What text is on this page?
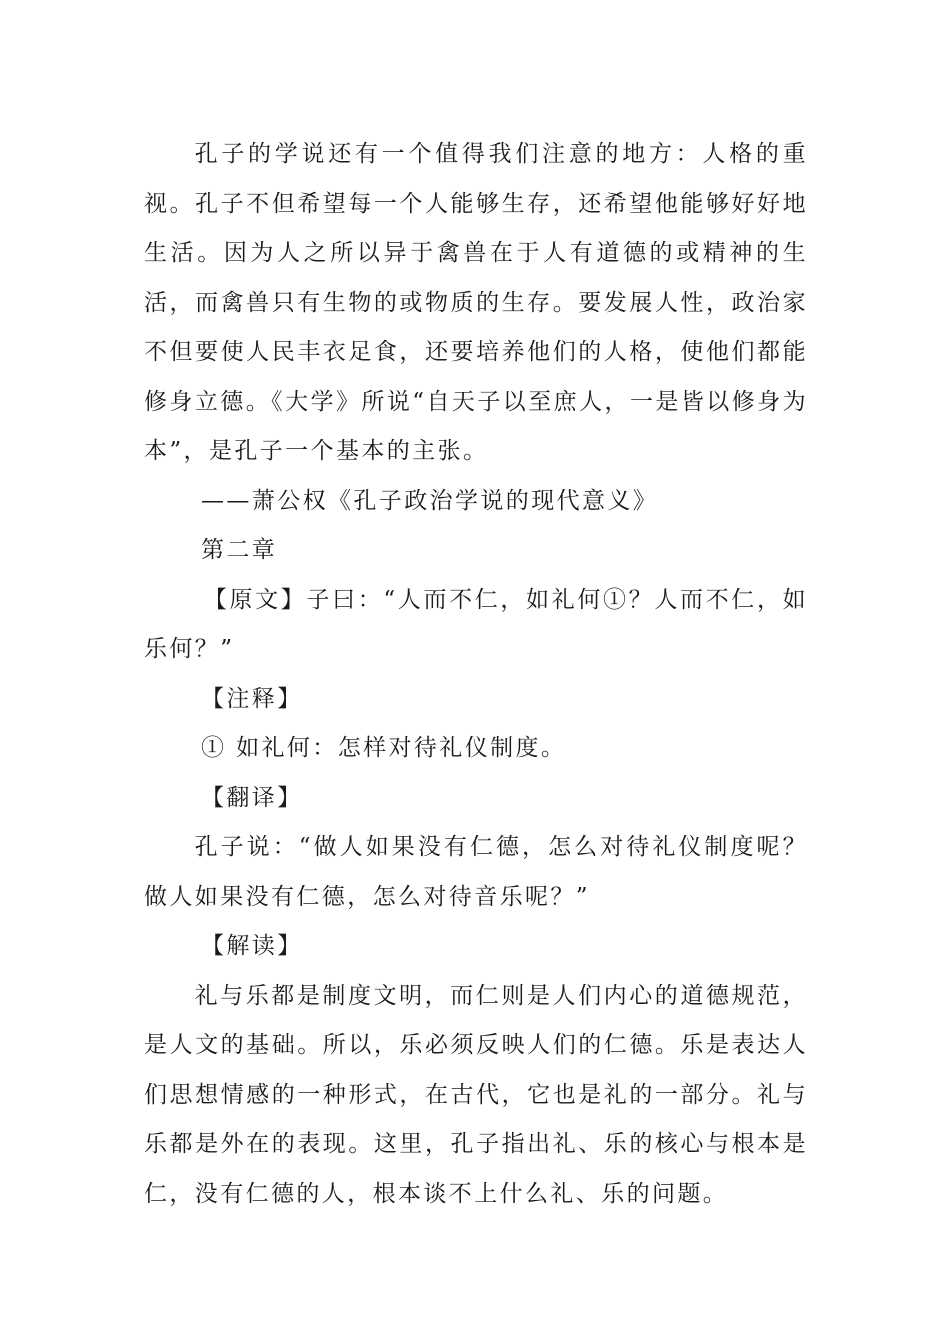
孔子的学说还有一个值得我们注意的地方：人格的重视。孔子不但希望每一个人能够生存，还希望他能够好好地生活。因为人之所以异于禽兽在于人有道德的或精神的生活，而禽兽只有生物的或物质的生存。要发展人性，政治家不但要使人民丰衣足食，还要培养他们的人格，使他们都能修身立德。《大学》所说“自天子以至庶人，一是皆以修身为本”，是孔子一个基本的主张。

——萧公权《孔子政治学说的现代意义》

第二章

【原文】子曰：“人而不仁，如礼何①？人而不仁，如乐何？”

【注释】

① 如礼何：怎样对待礼仪制度。

【翻译】

孔子说：“做人如果没有仁德，怎么对待礼仪制度呢？做人如果没有仁德，怎么对待音乐呢？”

【解读】

礼与乐都是制度文明，而仁则是人们内心的道德规范，是人文的基础。所以，乐必须反映人们的仁德。乐是表达人们思想情感的一种形式，在古代，它也是礼的一部分。礼与乐都是外在的表现。这里，孔子指出礼、乐的核心与根本是仁，没有仁德的人，根本谈不上什么礼、乐的问题。
